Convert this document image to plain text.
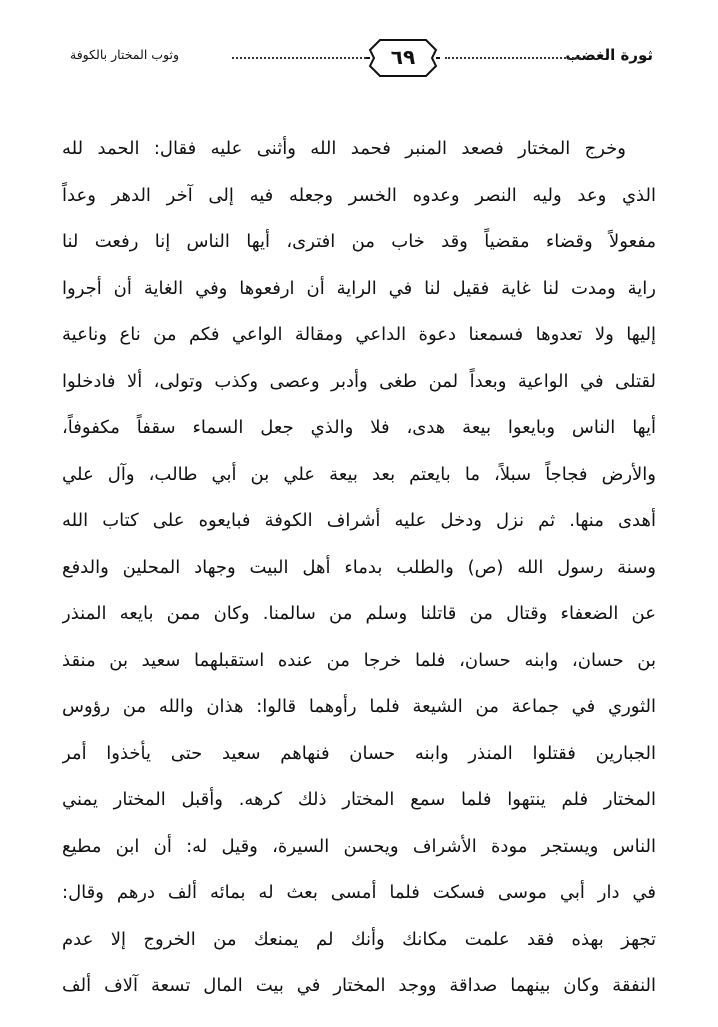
ثورة الغضب
٦٩
وثوب المختار بالكوفة
وخرج المختار فصعد المنبر فحمد الله وأثنى عليه فقال: الحمد لله
الذي وعد وليه النصر وعدوه الخسر وجعله فيه إلى آخر الدهر وعداً
مفعولاً وقضاء مقضياً وقد خاب من افترى، أيها الناس إنا رفعت لنا
راية ومدت لنا غاية فقيل لنا في الراية أن ارفعوها وفي الغاية أن أجروا
إليها ولا تعدوها فسمعنا دعوة الداعي ومقالة الواعي فكم من ناع وناعية
لقتلى في الواعية وبعداً لمن طغى وأدبر وعصى وكذب وتولى، ألا فادخلوا
أيها الناس وبايعوا بيعة هدى، فلا والذي جعل السماء سقفاً مكفوفاً،
والأرض فجاجاً سبلاً، ما بايعتم بعد بيعة علي بن أبي طالب، وآل علي
أهدى منها. ثم نزل ودخل عليه أشراف الكوفة فبايعوه على كتاب الله
وسنة رسول الله (ص) والطلب بدماء أهل البيت وجهاد المحلين والدفع
عن الضعفاء وقتال من قاتلنا وسلم من سالمنا. وكان ممن بايعه المنذر
بن حسان، وابنه حسان، فلما خرجا من عنده استقبلهما سعيد بن منقذ
الثوري في جماعة من الشيعة فلما رأوهما قالوا: هذان والله من رؤوس
الجبارين فقتلوا المنذر وابنه حسان فنهاهم سعيد حتى يأخذوا أمر
المختار فلم ينتهوا فلما سمع المختار ذلك كرهه. وأقبل المختار يمني
الناس ويستجر مودة الأشراف ويحسن السيرة، وقيل له: أن ابن مطيع
في دار أبي موسى فسكت فلما أمسى بعث له بمائه ألف درهم وقال:
تجهز بهذه فقد علمت مكانك وأنك لم يمنعك من الخروج إلا عدم
النفقة وكان بينهما صداقة ووجد المختار في بيت المال تسعة آلاف ألف
